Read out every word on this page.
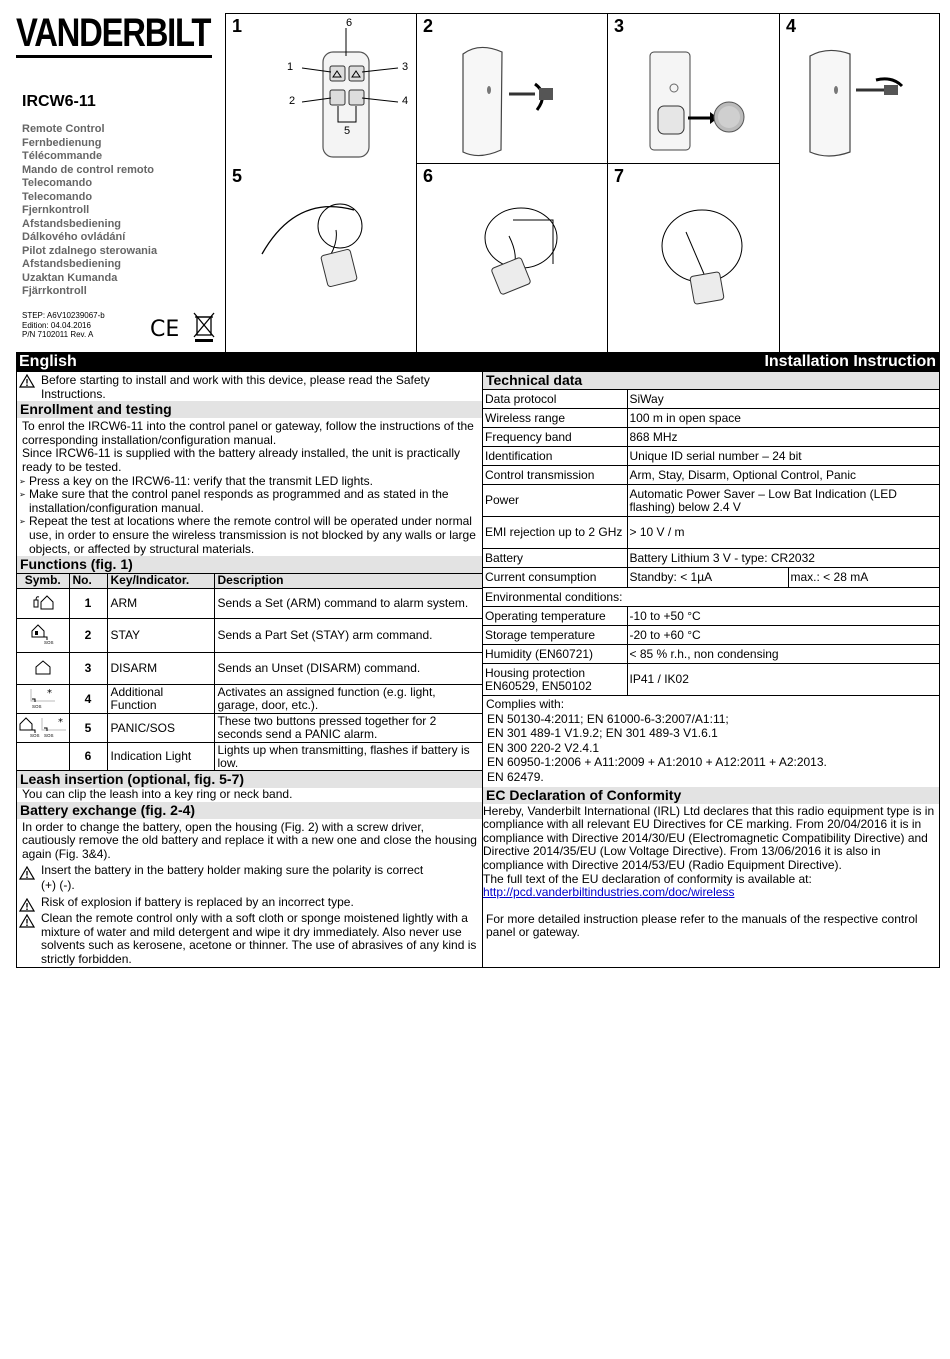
VANDERBILT
IRCW6-11
Remote Control
Fernbedienung
Télécommande
Mando de control remoto
Telecomando
Telecomando
Fjernkontroll
Afstandsbediening
Dálkového ovládání
Pilot zdalnego sterowania
Afstandsbediening
Uzaktan Kumanda
Fjärrkontroll
STEP: A6V10239067-b
Edition: 04.04.2016
P/N 7102011 Rev. A	CE
1	6
1	3
2	4
5
2	3	4
5	6	7
English	Installation Instruction
Before starting to install and work with this device, please read the Safety Instructions.
Enrollment and testing
To enrol the IRCW6-11 into the control panel or gateway, follow the instructions of the corresponding installation/configuration manual.
Since IRCW6-11 is supplied with the battery already installed, the unit is practically ready to be tested.
➢ Press a key on the IRCW6-11: verify that the transmit LED lights.
➢ Make sure that the control panel responds as programmed and as stated in the installation/configuration manual.
➢ Repeat the test at locations where the remote control will be operated under normal use, in order to ensure the wireless transmission is not blocked by any walls or large objects, or affected by structural materials.
Functions (fig. 1)
Symb.	No.	Key/Indicator.	Description
	1	ARM	Sends a Set (ARM) command to alarm system.

SOS	2	STAY	Sends a Part Set (STAY) arm command.
	3	DISARM	Sends an Unset (DISARM) command.

*
SOS	4	Additional Function	Activates an assigned function (e.g. light, garage, door, etc.).

SOS
*
SOS	5	PANIC/SOS	These two buttons pressed together for 2 seconds send a PANIC alarm.
	6	Indication Light	Lights up when transmitting, flashes if battery is low.
Leash insertion (optional, fig. 5-7)
You can clip the leash into a key ring or neck band.
Battery exchange (fig. 2-4)
In order to change the battery, open the housing (Fig. 2) with a screw driver, cautiously remove the old battery and replace it with a new one and close the housing again (Fig. 3&4).
Insert the battery in the battery holder making sure the polarity is correct
(+) (-).
Risk of explosion if battery is replaced by an incorrect type.
Clean the remote control only with a soft cloth or sponge moistened lightly with a mixture of water and mild detergent and wipe it dry immediately. Also never use solvents such as kerosene, acetone or thinner. The use of abrasives of any kind is strictly forbidden.
Technical data
Data protocol	SiWay
Wireless range	100 m in open space
Frequency band	868 MHz
Identification	Unique ID serial number – 24 bit
Control transmission	Arm, Stay, Disarm, Optional Control, Panic
Power	Automatic Power Saver – Low Bat Indication (LED flashing) below 2.4 V
EMI rejection up to 2 GHz	> 10 V / m
Battery	Battery Lithium 3 V - type: CR2032
Current consumption	Standby: < 1µA max.: < 28 mA

Environmental conditions:	
Operating temperature	-10 to +50 °C
Storage temperature	-20 to +60 °C
Humidity (EN60721)	< 85 % r.h., non condensing
Housing protection EN60529, EN50102	IP41 / IK02
Complies with:
EN 50130-4:2011; EN 61000-6-3:2007/A1:11;
EN 301 489-1 V1.9.2; EN 301 489-3 V1.6.1
EN 300 220-2 V2.4.1
EN 60950-1:2006 + A11:2009 + A1:2010 + A12:2011 + A2:2013.
EN 62479.
EC Declaration of Conformity
Hereby, Vanderbilt International (IRL) Ltd declares that this radio equipment type is in compliance with all relevant EU Directives for CE marking. From 20/04/2016 it is in compliance with Directive 2014/30/EU (Electromagnetic Compatibility Directive) and Directive 2014/35/EU (Low Voltage Directive). From 13/06/2016 it is also in compliance with Directive 2014/53/EU (Radio Equipment Directive).
The full text of the EU declaration of conformity is available at:
http://pcd.vanderbiltindustries.com/doc/wireless
For more detailed instruction please refer to the manuals of the respective control panel or gateway.
